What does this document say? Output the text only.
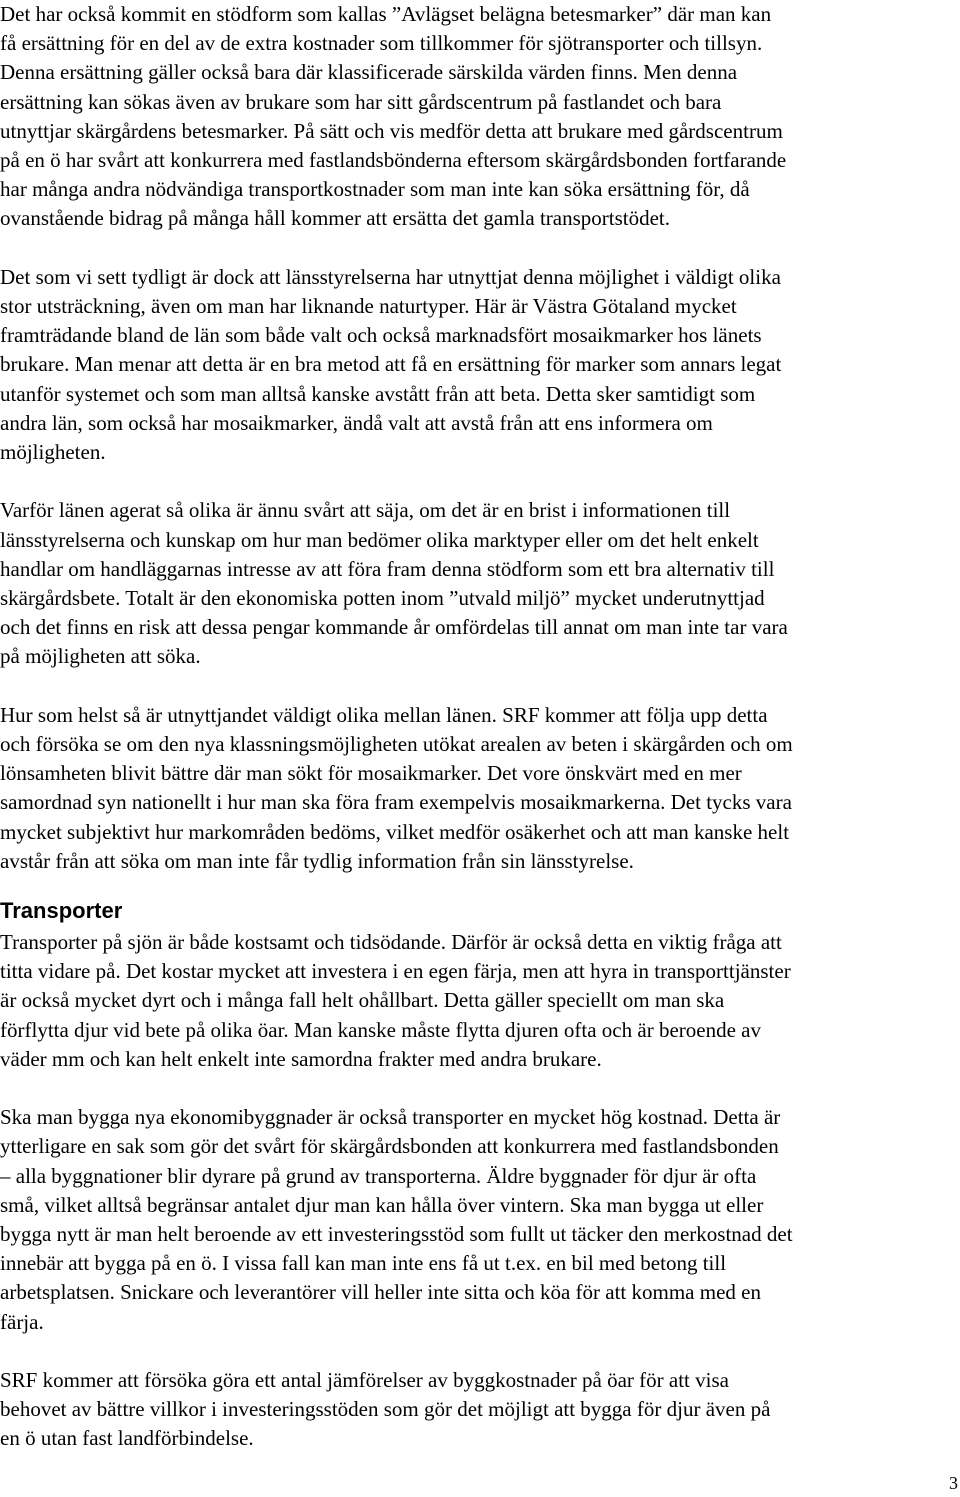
Det har också kommit en stödform som kallas ”Avlägset belägna betesmarker” där man kan
få ersättning för en del av de extra kostnader som tillkommer för sjötransporter och tillsyn.
Denna ersättning gäller också bara där klassificerade särskilda värden finns. Men denna
ersättning kan sökas även av brukare som har sitt gårdscentrum på fastlandet och bara
utnyttjar skärgårdens betesmarker. På sätt och vis medför detta att brukare med gårdscentrum
på en ö har svårt att konkurrera med fastlandsbönderna eftersom skärgårdsbonden fortfarande
har många andra nödvändiga transportkostnader som man inte kan söka ersättning för, då
ovanstående bidrag på många håll kommer att ersätta det gamla transportstödet.

Det som vi sett tydligt är dock att länsstyrelserna har utnyttjat denna möjlighet i väldigt olika
stor utsträckning, även om man har liknande naturtyper. Här är Västra Götaland mycket
framträdande bland de län som både valt och också marknadsfört mosaikmarker hos länets
brukare. Man menar att detta är en bra metod att få en ersättning för marker som annars legat
utanför systemet och som man alltså kanske avstått från att beta. Detta sker samtidigt som
andra län, som också har mosaikmarker, ändå valt att avstå från att ens informera om
möjligheten.

Varför länen agerat så olika är ännu svårt att säja, om det är en brist i informationen till
länsstyrelserna och kunskap om hur man bedömer olika marktyper eller om det helt enkelt
handlar om handläggarnas intresse av att föra fram denna stödform som ett bra alternativ till
skärgårdsbete. Totalt är den ekonomiska potten inom ”utvald miljö” mycket underutnyttjad
och det finns en risk att dessa pengar kommande år omfördelas till annat om man inte tar vara
på möjligheten att söka.

Hur som helst så är utnyttjandet väldigt olika mellan länen. SRF kommer att följa upp detta
och försöka se om den nya klassningsmöjligheten utökat arealen av beten i skärgården och om
lönsamheten blivit bättre där man sökt för mosaikmarker. Det vore önskvärt med en mer
samordnad syn nationellt i hur man ska föra fram exempelvis mosaikmarkerna. Det tycks vara
mycket subjektivt hur markområden bedöms, vilket medför osäkerhet och att man kanske helt
avstår från att söka om man inte får tydlig information från sin länsstyrelse.

Transporter

Transporter på sjön är både kostsamt och tidsödande. Därför är också detta en viktig fråga att
titta vidare på. Det kostar mycket att investera i en egen färja, men att hyra in transporttjänster
är också mycket dyrt och i många fall helt ohållbart. Detta gäller speciellt om man ska
förflytta djur vid bete på olika öar. Man kanske måste flytta djuren ofta och är beroende av
väder mm och kan helt enkelt inte samordna frakter med andra brukare.

Ska man bygga nya ekonomibyggnader är också transporter en mycket hög kostnad. Detta är
ytterligare en sak som gör det svårt för skärgårdsbonden att konkurrera med fastlandsbonden
– alla byggnationer blir dyrare på grund av transporterna. Äldre byggnader för djur är ofta
små, vilket alltså begränsar antalet djur man kan hålla över vintern. Ska man bygga ut eller
bygga nytt är man helt beroende av ett investeringsstöd som fullt ut täcker den merkostnad det
innebär att bygga på en ö. I vissa fall kan man inte ens få ut t.ex. en bil med betong till
arbetsplatsen. Snickare och leverantörer vill heller inte sitta och köa för att komma med en
färja.

SRF kommer att försöka göra ett antal jämförelser av byggkostnader på öar för att visa
behovet av bättre villkor i investeringsstöden som gör det möjligt att bygga för djur även på
en ö utan fast landförbindelse.

3
